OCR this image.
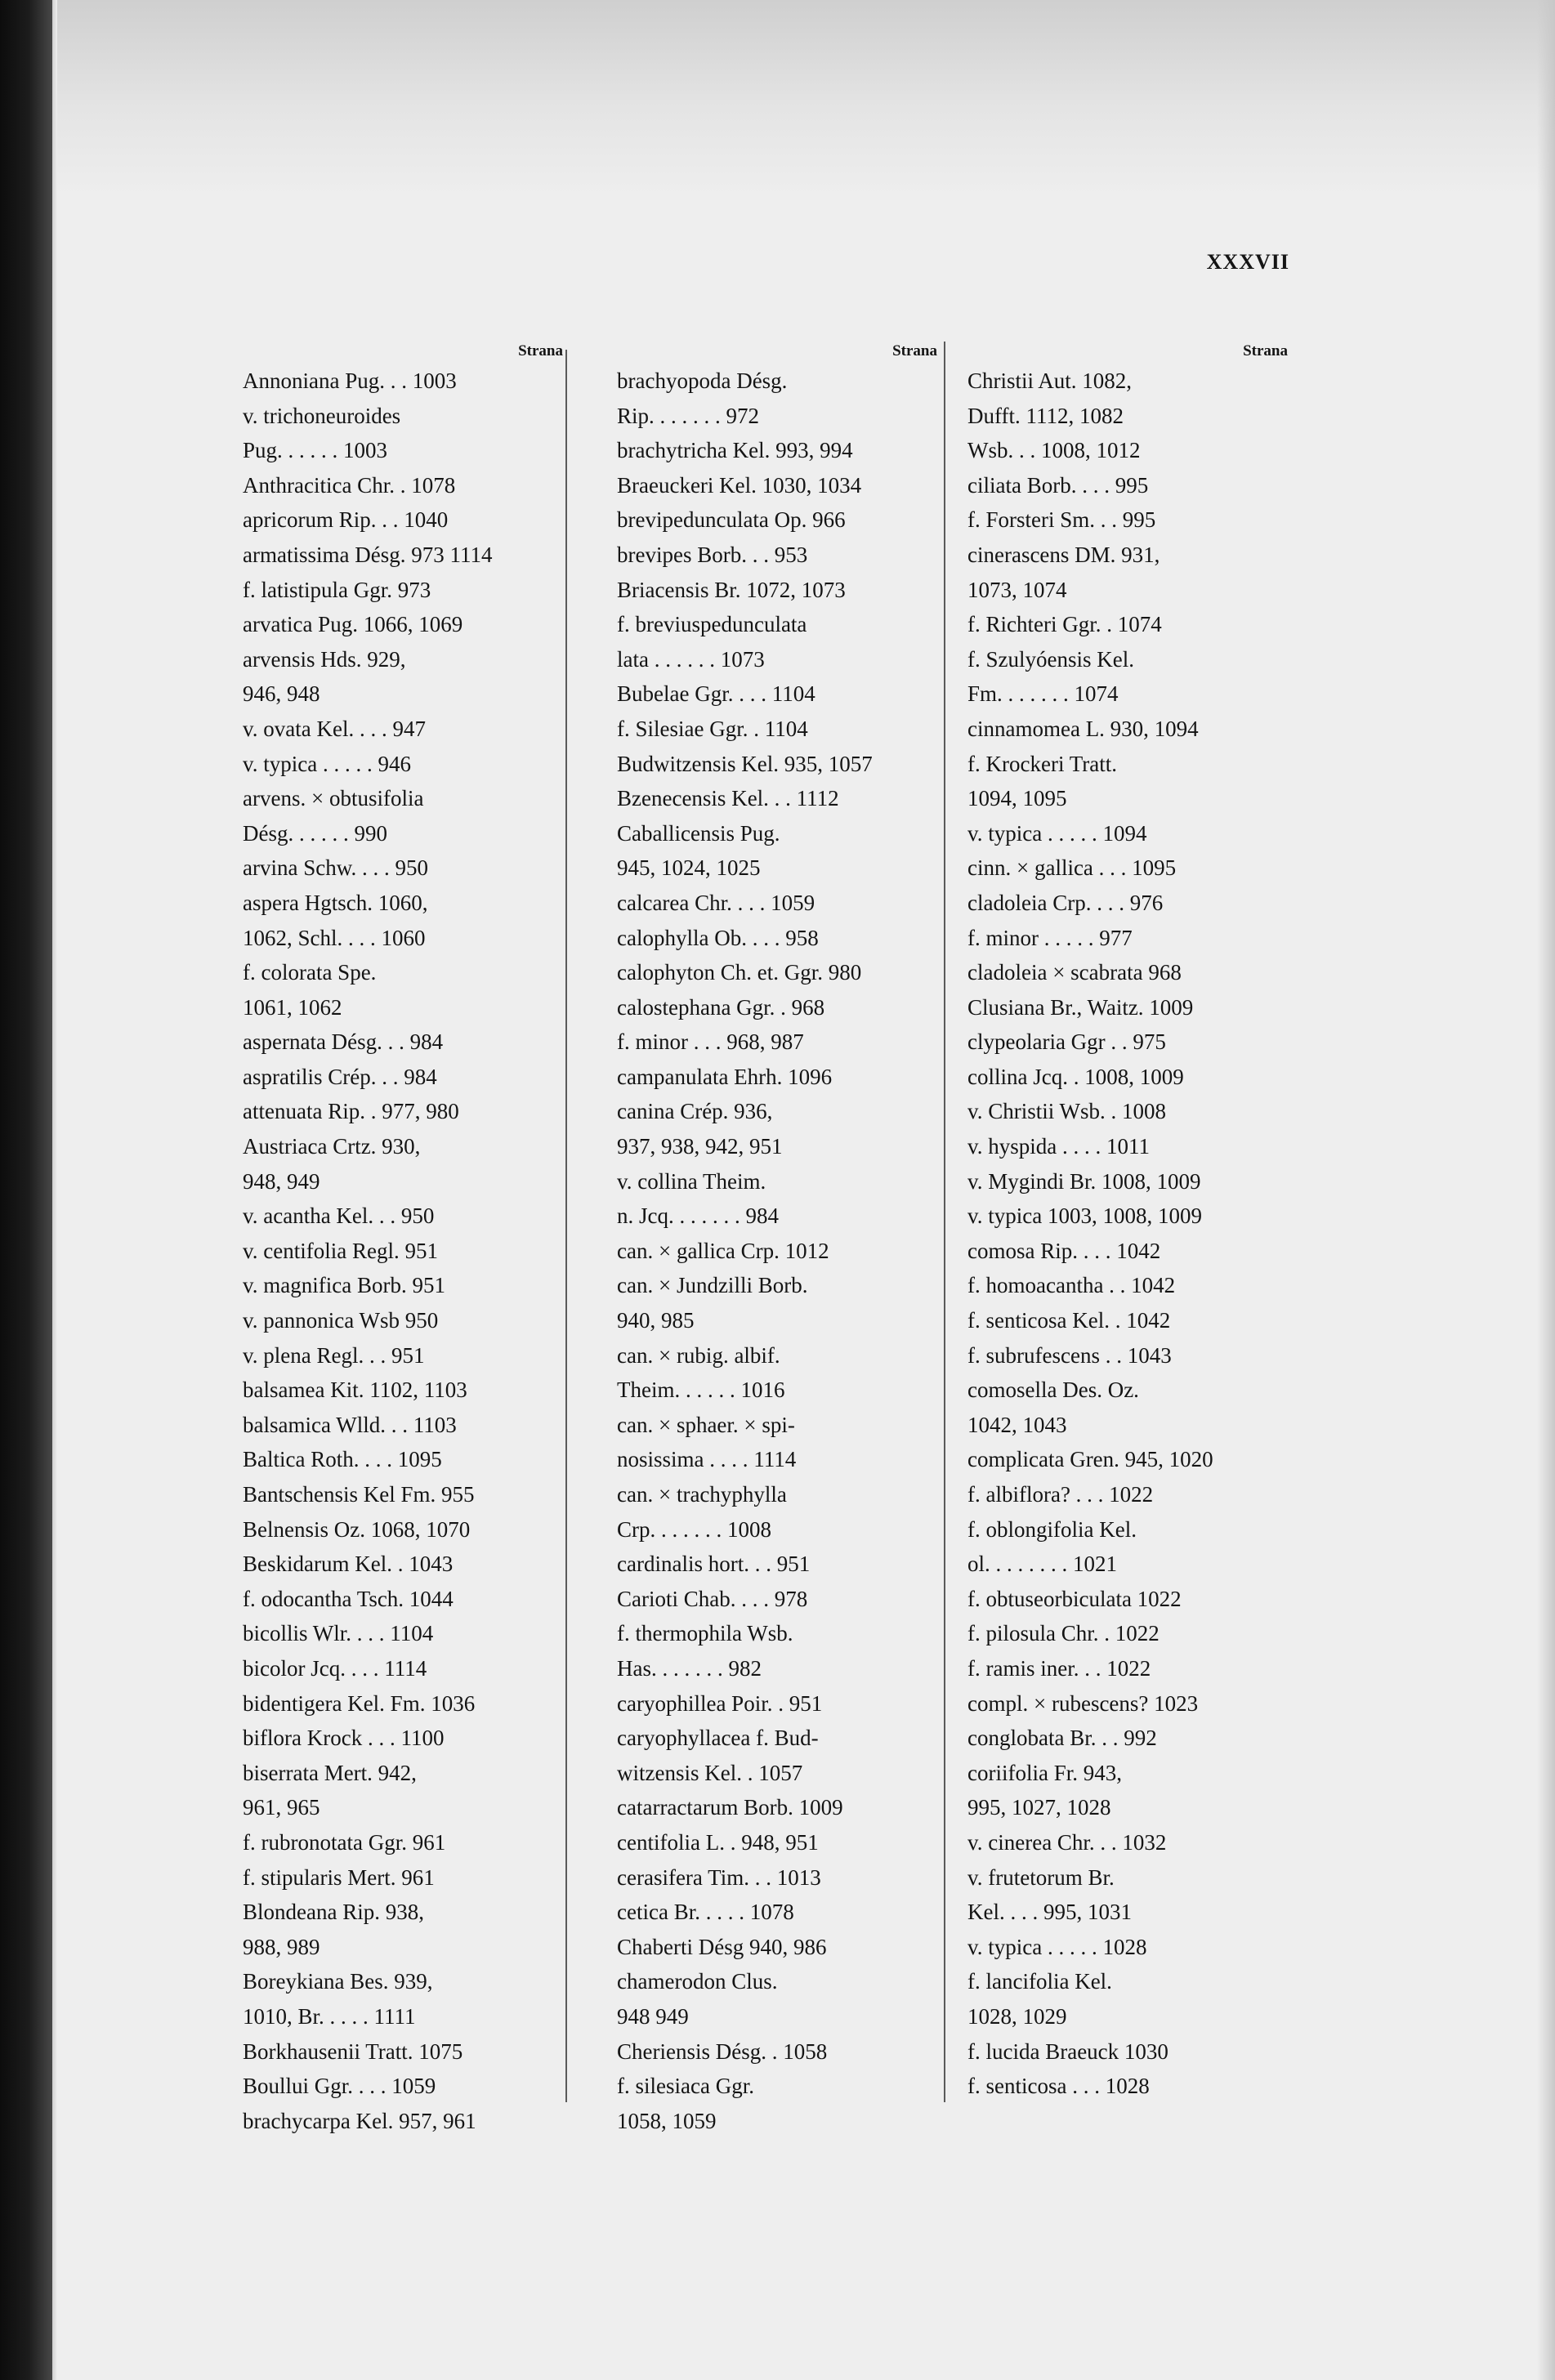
XXXVII
Strana
Annoniana Pug. . . 1003
v. trichoneuroides
Pug. . . . . . 1003
Anthracitica Chr. . 1078
apricorum Rip. . . 1040
armatissima Désg. 973 1114
f. latistipula Ggr. 973
arvatica Pug. 1066, 1069
arvensis Hds. 929,
946, 948
v. ovata Kel. . . . 947
v. typica . . . . . 946
arvens. × obtusifolia
Désg. . . . . . 990
arvina Schw. . . . 950
aspera Hgtsch. 1060,
1062, Schl. . . . 1060
f. colorata Spe.
1061, 1062
aspernata Désg. . . 984
aspratilis Crép. . . 984
attenuata Rip. . 977, 980
Austriaca Crtz. 930,
948, 949
v. acantha Kel. . . 950
v. centifolia Regl. 951
v. magnifica Borb. 951
v. pannonica Wsb 950
v. plena Regl. . . 951
balsamea Kit. 1102, 1103
balsamica Wlld. . . 1103
Baltica Roth. . . . 1095
Bantschensis Kel Fm. 955
Belnensis Oz. 1068, 1070
Beskidarum Kel. . 1043
f. odocantha Tsch. 1044
bicollis Wlr. . . . 1104
bicolor Jcq. . . . 1114
bidentigera Kel. Fm. 1036
biflora Krock . . . 1100
biserrata Mert. 942,
961, 965
f. rubronotata Ggr. 961
f. stipularis Mert. 961
Blondeana Rip. 938,
988, 989
Boreykiana Bes. 939,
1010, Br. . . . . 1111
Borkhausenii Tratt. 1075
Boullui Ggr. . . . 1059
brachycarpa Kel. 957, 961
Strana
brachyopoda Désg.
Rip. . . . . . . 972
brachytricha Kel. 993, 994
Braeuckeri Kel. 1030, 1034
brevipedunculata Op. 966
brevipes Borb. . . 953
Briacensis Br. 1072, 1073
f. breviuspedunculata
lata . . . . . . 1073
Bubelae Ggr. . . . 1104
f. Silesiae Ggr. . 1104
Budwitzensis Kel. 935, 1057
Bzenecensis Kel. . . 1112
Caballicensis Pug.
945, 1024, 1025
calcarea Chr. . . . 1059
calophylla Ob. . . . 958
calophyton Ch. et. Ggr. 980
calostephana Ggr. . 968
f. minor . . . 968, 987
campanulata Ehrh. 1096
canina Crép. 936,
937, 938, 942, 951
v. collina Theim.
n. Jcq. . . . . . . 984
can. × gallica Crp. 1012
can. × Jundzilli Borb.
940, 985
can. × rubig. albif.
Theim. . . . . . 1016
can. × sphaer. × spi-
nosissima . . . . 1114
can. × trachyphylla
Crp. . . . . . . 1008
cardinalis hort. . . 951
Carioti Chab. . . . 978
f. thermophila Wsb.
Has. . . . . . . 982
caryophillea Poir. . 951
caryophyllacea f. Bud-
witzensis Kel. . 1057
catarractarum Borb. 1009
centifolia L. . 948, 951
cerasifera Tim. . . 1013
cetica Br. . . . . 1078
Chaberti Désg 940, 986
chamerodon Clus.
948 949
Cheriensis Désg. . 1058
f. silesiaca Ggr.
1058, 1059
Strana
Christii Aut. 1082,
Dufft. 1112, 1082
Wsb. . . 1008, 1012
ciliata Borb. . . . 995
f. Forsteri Sm. . . 995
cinerascens DM. 931,
1073, 1074
f. Richteri Ggr. . 1074
f. Szulyóensis Kel.
Fm. . . . . . . 1074
cinnamomea L. 930, 1094
f. Krockeri Tratt.
1094, 1095
v. typica . . . . . 1094
cinn. × gallica . . . 1095
cladoleia Crp. . . . 976
f. minor . . . . . 977
cladoleia × scabrata 968
Clusiana Br., Waitz. 1009
clypeolaria Ggr . . 975
collina Jcq. . 1008, 1009
v. Christii Wsb. . 1008
v. hyspida . . . . 1011
v. Mygindi Br. 1008, 1009
v. typica 1003, 1008, 1009
comosa Rip. . . . 1042
f. homoacantha . . 1042
f. senticosa Kel. . 1042
f. subrufescens . . 1043
comosella Des. Oz.
1042, 1043
complicata Gren. 945, 1020
f. albiflora? . . . 1022
f. oblongifolia Kel.
ol. . . . . . . . 1021
f. obtuseorbiculata 1022
f. pilosula Chr. . 1022
f. ramis iner. . . 1022
compl. × rubescens? 1023
conglobata Br. . . 992
coriifolia Fr. 943,
995, 1027, 1028
v. cinerea Chr. . . 1032
v. frutetorum Br.
Kel. . . . 995, 1031
v. typica . . . . . 1028
f. lancifolia Kel.
1028, 1029
f. lucida Braeuck 1030
f. senticosa . . . 1028
